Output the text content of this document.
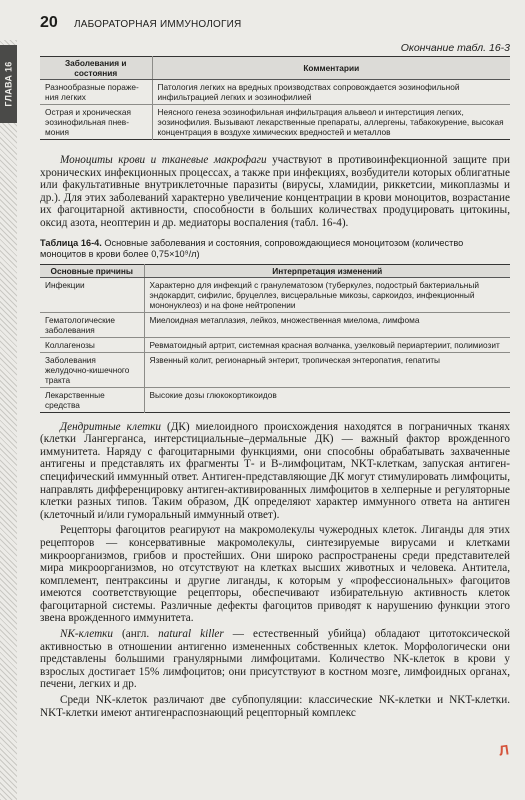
ГЛАВА 16
20	ЛАБОРАТОРНАЯ ИММУНОЛОГИЯ
Окончание табл. 16-3
Заболевания и состояния	Комментарии
Разнообразные пораже-ния легких	Патология легких на вредных производствах сопровождается эозинофильной инфильтрацией легких и эозинофилией
Острая и хроническая эозинофильная пнев-мония	Неясного генеза эозинофильная инфильтрация альвеол и интерстиция легких, эозинофилия. Вызывают лекарственные препараты, аллергены, табакокурение, высокая концентрация в воздухе химических вредностей и металлов

Моноциты крови и тканевые макрофаги участвуют в противоинфекционной защите при хронических инфекционных процессах, а также при инфекциях, возбудители которых облигатные или факультативные внутриклеточные паразиты (вирусы, хламидии, риккетсии, микоплазмы и др.). Для этих заболеваний характерно увеличение концентрации в крови моноцитов, возрастание их фагоцитарной активности, способности в больших количествах продуцировать цитокины, оксид азота, неоптерин и др. медиаторы воспаления (табл. 16-4).

Таблица 16-4. Основные заболевания и состояния, сопровождающиеся моноцитозом (количество моноцитов в крови более 0,75×10⁹/л)

Основные причины	Интерпретация изменений
Инфекции	Характерно для инфекций с гранулематозом (туберкулез, подострый бактериальный эндокардит, сифилис, бруцеллез, висцеральные микозы, саркоидоз, инфекционный мононуклеоз) и на фоне нейтропении
Гематологические заболевания	Миелоидная метаплазия, лейкоз, множественная миелома, лимфома
Коллагенозы	Ревматоидный артрит, системная красная волчанка, узелковый периартериит, полимиозит
Заболевания желудочно-кишечного тракта	Язвенный колит, регионарный энтерит, тропическая энтеропатия, гепатиты
Лекарственные средства	Высокие дозы глюкокортикоидов

Дендритные клетки (ДК) миелоидного происхождения находятся в пограничных тканях (клетки Лангерганса, интерстициальные–дермальные ДК) — важный фактор врожденного иммунитета. Наряду с фагоцитарными функциями, они способны обрабатывать захваченные антигены и представлять их фрагменты Т- и В-лимфоцитам, NKT-клеткам, запуская антиген-специфический иммунный ответ. Антиген-представляющие ДК могут стимулировать лимфоциты, направлять дифференцировку антиген-активированных лимфоцитов в хелперные и регуляторные клетки разных типов. Таким образом, ДК определяют характер иммунного ответа на антиген (клеточный и/или гуморальный иммунный ответ).

Рецепторы фагоцитов реагируют на макромолекулы чужеродных клеток. Лиганды для этих рецепторов — консервативные макромолекулы, синтезируемые вирусами и клетками микроорганизмов, грибов и простейших. Они широко распространены среди представителей мира микроорганизмов, но отсутствуют на клетках высших животных и человека. Антитела, комплемент, пентраксины и другие лиганды, к которым у «профессиональных» фагоцитов имеются соответствующие рецепторы, обеспечивают избирательную активность клеток фагоцитарной системы. Различные дефекты фагоцитов приводят к нарушению функции этого звена врожденного иммунитета.

NK-клетки (англ. natural killer — естественный убийца) обладают цитотоксической активностью в отношении антигенно измененных собственных клеток. Морфологически они представлены большими гранулярными лимфоцитами. Количество NK-клеток в крови у взрослых достигает 15% лимфоцитов; они присутствуют в костном мозге, лимфоидных органах, печени, легких и др.

Среди NK-клеток различают две субпопуляции: классические NK-клетки и NKT-клетки. NKT-клетки имеют антигенраспознающий рецепторный комплекс

Л
